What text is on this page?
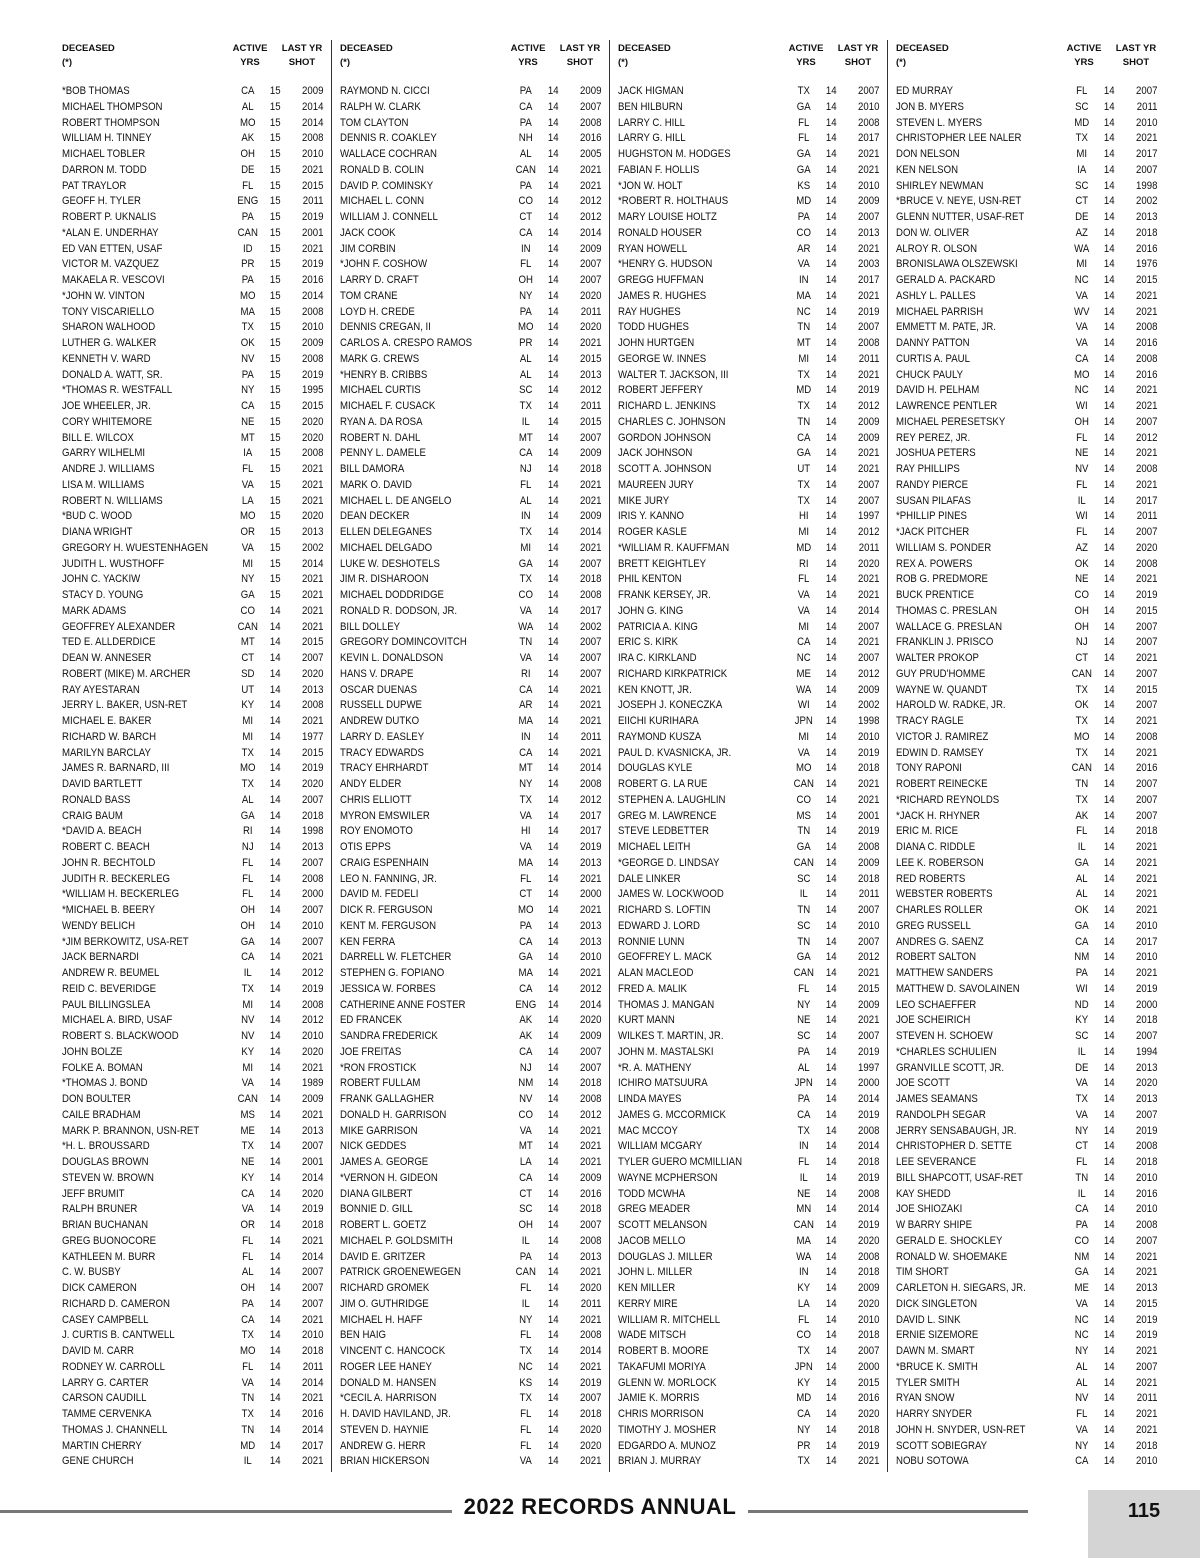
DECEASED
(*)
ACTIVE
YRS
LAST YR
SHOT
*BOB THOMAS	CA	15	2009
MICHAEL THOMPSON	AL	15	2014
ROBERT THOMPSON	MO	15	2014
WILLIAM H. TINNEY	AK	15	2008
MICHAEL TOBLER	OH	15	2010
DARRON M. TODD	DE	15	2021
PAT TRAYLOR	FL	15	2015
GEOFF H. TYLER	ENG	15	2011
ROBERT P. UKNALIS	PA	15	2019
*ALAN E. UNDERHAY	CAN	15	2001
ED VAN ETTEN, USAF	ID	15	2021
VICTOR M. VAZQUEZ	PR	15	2019
MAKAELA R. VESCOVI	PA	15	2016
*JOHN W. VINTON	MO	15	2014
TONY VISCARIELLO	MA	15	2008
SHARON WALHOOD	TX	15	2010
LUTHER G. WALKER	OK	15	2009
KENNETH V. WARD	NV	15	2008
DONALD A. WATT, SR.	PA	15	2019
*THOMAS R. WESTFALL	NY	15	1995
JOE WHEELER, JR.	CA	15	2015
CORY WHITEMORE	NE	15	2020
BILL E. WILCOX	MT	15	2020
GARRY WILHELMI	IA	15	2008
ANDRE J. WILLIAMS	FL	15	2021
LISA M. WILLIAMS	VA	15	2021
ROBERT N. WILLIAMS	LA	15	2021
*BUD C. WOOD	MO	15	2020
DIANA WRIGHT	OR	15	2013
GREGORY H. WUESTENHAGEN	VA	15	2002
JUDITH L. WUSTHOFF	MI	15	2014
JOHN C. YACKIW	NY	15	2021
STACY D. YOUNG	GA	15	2021
MARK ADAMS	CO	14	2021
GEOFFREY ALEXANDER	CAN	14	2021
TED E. ALLDERDICE	MT	14	2015
DEAN W. ANNESER	CT	14	2007
ROBERT (MIKE) M. ARCHER	SD	14	2020
RAY AYESTARAN	UT	14	2013
JERRY L. BAKER, USN-RET	KY	14	2008
MICHAEL E. BAKER	MI	14	2021
RICHARD W. BARCH	MI	14	1977
MARILYN BARCLAY	TX	14	2015
JAMES R. BARNARD, III	MO	14	2019
DAVID BARTLETT	TX	14	2020
RONALD BASS	AL	14	2007
CRAIG BAUM	GA	14	2018
*DAVID A. BEACH	RI	14	1998
ROBERT C. BEACH	NJ	14	2013
JOHN R. BECHTOLD	FL	14	2007
JUDITH R. BECKERLEG	FL	14	2008
*WILLIAM H. BECKERLEG	FL	14	2000
*MICHAEL B. BEERY	OH	14	2007
WENDY BELICH	OH	14	2010
*JIM BERKOWITZ, USA-RET	GA	14	2007
JACK BERNARDI	CA	14	2021
ANDREW R. BEUMEL	IL	14	2012
REID C. BEVERIDGE	TX	14	2019
PAUL BILLINGSLEA	MI	14	2008
MICHAEL A. BIRD, USAF	NV	14	2012
ROBERT S. BLACKWOOD	NV	14	2010
JOHN BOLZE	KY	14	2020
FOLKE A. BOMAN	MI	14	2021
*THOMAS J. BOND	VA	14	1989
DON BOULTER	CAN	14	2009
CAILE BRADHAM	MS	14	2021
MARK P. BRANNON, USN-RET	ME	14	2013
*H. L. BROUSSARD	TX	14	2007
DOUGLAS BROWN	NE	14	2001
STEVEN W. BROWN	KY	14	2014
JEFF BRUMIT	CA	14	2020
RALPH BRUNER	VA	14	2019
BRIAN BUCHANAN	OR	14	2018
GREG BUONOCORE	FL	14	2021
KATHLEEN M. BURR	FL	14	2014
C. W. BUSBY	AL	14	2007
DICK CAMERON	OH	14	2007
RICHARD D. CAMERON	PA	14	2007
CASEY CAMPBELL	CA	14	2021
J. CURTIS B. CANTWELL	TX	14	2010
DAVID M. CARR	MO	14	2018
RODNEY W. CARROLL	FL	14	2011
LARRY G. CARTER	VA	14	2014
CARSON CAUDILL	TN	14	2021
TAMME CERVENKA	TX	14	2016
THOMAS J. CHANNELL	TN	14	2014
MARTIN CHERRY	MD	14	2017
GENE CHURCH	IL	14	2021
DECEASED
(*)
ACTIVE
YRS
LAST YR
SHOT
RAYMOND N. CICCI	PA	14	2009
RALPH W. CLARK	CA	14	2007
TOM CLAYTON	PA	14	2008
DENNIS R. COAKLEY	NH	14	2016
WALLACE COCHRAN	AL	14	2005
RONALD B. COLIN	CAN	14	2021
DAVID P. COMINSKY	PA	14	2021
MICHAEL L. CONN	CO	14	2012
WILLIAM J. CONNELL	CT	14	2012
JACK COOK	CA	14	2014
JIM CORBIN	IN	14	2009
*JOHN F. COSHOW	FL	14	2007
LARRY D. CRAFT	OH	14	2007
TOM CRANE	NY	14	2020
LOYD H. CREDE	PA	14	2011
DENNIS CREGAN, II	MO	14	2020
CARLOS A. CRESPO RAMOS	PR	14	2021
MARK G. CREWS	AL	14	2015
*HENRY B. CRIBBS	AL	14	2013
MICHAEL CURTIS	SC	14	2012
MICHAEL F. CUSACK	TX	14	2011
RYAN A. DA ROSA	IL	14	2015
ROBERT N. DAHL	MT	14	2007
PENNY L. DAMELE	CA	14	2009
BILL DAMORA	NJ	14	2018
MARK O. DAVID	FL	14	2021
MICHAEL L. DE ANGELO	AL	14	2021
DEAN DECKER	IN	14	2009
ELLEN DELEGANES	TX	14	2014
MICHAEL DELGADO	MI	14	2021
LUKE W. DESHOTELS	GA	14	2007
JIM R. DISHAROON	TX	14	2018
MICHAEL DODDRIDGE	CO	14	2008
RONALD R. DODSON, JR.	VA	14	2017
BILL DOLLEY	WA	14	2002
GREGORY DOMINCOVITCH	TN	14	2007
KEVIN L. DONALDSON	VA	14	2007
HANS V. DRAPE	RI	14	2007
OSCAR DUENAS	CA	14	2021
RUSSELL DUPWE	AR	14	2021
ANDREW DUTKO	MA	14	2021
LARRY D. EASLEY	IN	14	2011
TRACY EDWARDS	CA	14	2021
TRACY EHRHARDT	MT	14	2014
ANDY ELDER	NY	14	2008
CHRIS ELLIOTT	TX	14	2012
MYRON EMSWILER	VA	14	2017
ROY ENOMOTO	HI	14	2017
OTIS EPPS	VA	14	2019
CRAIG ESPENHAIN	MA	14	2013
LEO N. FANNING, JR.	FL	14	2021
DAVID M. FEDELI	CT	14	2000
DICK R. FERGUSON	MO	14	2021
KENT M. FERGUSON	PA	14	2013
KEN FERRA	CA	14	2013
DARRELL W. FLETCHER	GA	14	2010
STEPHEN G. FOPIANO	MA	14	2021
JESSICA W. FORBES	CA	14	2012
CATHERINE ANNE FOSTER	ENG	14	2014
ED FRANCEK	AK	14	2020
SANDRA FREDERICK	AK	14	2009
JOE FREITAS	CA	14	2007
*RON FROSTICK	NJ	14	2007
ROBERT FULLAM	NM	14	2018
FRANK GALLAGHER	NV	14	2008
DONALD H. GARRISON	CO	14	2012
MIKE GARRISON	VA	14	2021
NICK GEDDES	MT	14	2021
JAMES A. GEORGE	LA	14	2021
*VERNON H. GIDEON	CA	14	2009
DIANA GILBERT	CT	14	2016
BONNIE D. GILL	SC	14	2018
ROBERT L. GOETZ	OH	14	2007
MICHAEL P. GOLDSMITH	IL	14	2008
DAVID E. GRITZER	PA	14	2013
PATRICK GROENEWEGEN	CAN	14	2021
RICHARD GROMEK	FL	14	2020
JIM O. GUTHRIDGE	IL	14	2011
MICHAEL H. HAFF	NY	14	2021
BEN HAIG	FL	14	2008
VINCENT C. HANCOCK	TX	14	2014
ROGER LEE HANEY	NC	14	2021
DONALD M. HANSEN	KS	14	2019
*CECIL A. HARRISON	TX	14	2007
H. DAVID HAVILAND, JR.	FL	14	2018
STEVEN D. HAYNIE	FL	14	2020
ANDREW G. HERR	FL	14	2020
BRIAN HICKERSON	VA	14	2021
DECEASED
(*)
ACTIVE
YRS
LAST YR
SHOT
JACK HIGMAN	TX	14	2007
BEN HILBURN	GA	14	2010
LARRY C. HILL	FL	14	2008
LARRY G. HILL	FL	14	2017
HUGHSTON M. HODGES	GA	14	2021
FABIAN F. HOLLIS	GA	14	2021
*JON W. HOLT	KS	14	2010
*ROBERT R. HOLTHAUS	MD	14	2009
MARY LOUISE HOLTZ	PA	14	2007
RONALD HOUSER	CO	14	2013
RYAN HOWELL	AR	14	2021
*HENRY G. HUDSON	VA	14	2003
GREGG HUFFMAN	IN	14	2017
JAMES R. HUGHES	MA	14	2021
RAY HUGHES	NC	14	2019
TODD HUGHES	TN	14	2007
JOHN HURTGEN	MT	14	2008
GEORGE W. INNES	MI	14	2011
WALTER T. JACKSON, III	TX	14	2021
ROBERT JEFFERY	MD	14	2019
RICHARD L. JENKINS	TX	14	2012
CHARLES C. JOHNSON	TN	14	2009
GORDON JOHNSON	CA	14	2009
JACK JOHNSON	GA	14	2021
SCOTT A. JOHNSON	UT	14	2021
MAUREEN JURY	TX	14	2007
MIKE JURY	TX	14	2007
IRIS Y. KANNO	HI	14	1997
ROGER KASLE	MI	14	2012
*WILLIAM R. KAUFFMAN	MD	14	2011
BRETT KEIGHTLEY	RI	14	2020
PHIL KENTON	FL	14	2021
FRANK KERSEY, JR.	VA	14	2021
JOHN G. KING	VA	14	2014
PATRICIA A. KING	MI	14	2007
ERIC S. KIRK	CA	14	2021
IRA C. KIRKLAND	NC	14	2007
RICHARD KIRKPATRICK	ME	14	2012
KEN KNOTT, JR.	WA	14	2009
JOSEPH J. KONECZKA	WI	14	2002
EIICHI KURIHARA	JPN	14	1998
RAYMOND KUSZA	MI	14	2010
PAUL D. KVASNICKA, JR.	VA	14	2019
DOUGLAS KYLE	MO	14	2018
ROBERT G. LA RUE	CAN	14	2021
STEPHEN A. LAUGHLIN	CO	14	2021
GREG M. LAWRENCE	MS	14	2001
STEVE LEDBETTER	TN	14	2019
MICHAEL LEITH	GA	14	2008
*GEORGE D. LINDSAY	CAN	14	2009
DALE LINKER	SC	14	2018
JAMES W. LOCKWOOD	IL	14	2011
RICHARD S. LOFTIN	TN	14	2007
EDWARD J. LORD	SC	14	2010
RONNIE LUNN	TN	14	2007
GEOFFREY L. MACK	GA	14	2012
ALAN MACLEOD	CAN	14	2021
FRED A. MALIK	FL	14	2015
THOMAS J. MANGAN	NY	14	2009
KURT MANN	NE	14	2021
WILKES T. MARTIN, JR.	SC	14	2007
JOHN M. MASTALSKI	PA	14	2019
*R. A. MATHENY	AL	14	1997
ICHIRO MATSUURA	JPN	14	2000
LINDA MAYES	PA	14	2014
JAMES G. MCCORMICK	CA	14	2019
MAC MCCOY	TX	14	2008
WILLIAM MCGARY	IN	14	2014
TYLER GUERO MCMILLIAN	FL	14	2018
WAYNE MCPHERSON	IL	14	2019
TODD MCWHA	NE	14	2008
GREG MEADER	MN	14	2014
SCOTT MELANSON	CAN	14	2019
JACOB MELLO	MA	14	2020
DOUGLAS J. MILLER	WA	14	2008
JOHN L. MILLER	IN	14	2018
KEN MILLER	KY	14	2009
KERRY MIRE	LA	14	2020
WILLIAM R. MITCHELL	FL	14	2010
WADE MITSCH	CO	14	2018
ROBERT B. MOORE	TX	14	2007
TAKAFUMI MORIYA	JPN	14	2000
GLENN W. MORLOCK	KY	14	2015
JAMIE K. MORRIS	MD	14	2016
CHRIS MORRISON	CA	14	2020
TIMOTHY J. MOSHER	NY	14	2018
EDGARDO A. MUNOZ	PR	14	2019
BRIAN J. MURRAY	TX	14	2021
DECEASED
(*)
ACTIVE
YRS
LAST YR
SHOT
ED MURRAY	FL	14	2007
JON B. MYERS	SC	14	2011
STEVEN L. MYERS	MD	14	2010
CHRISTOPHER LEE NALER	TX	14	2021
DON NELSON	MI	14	2017
KEN NELSON	IA	14	2007
SHIRLEY NEWMAN	SC	14	1998
*BRUCE V. NEYE, USN-RET	CT	14	2002
GLENN NUTTER, USAF-RET	DE	14	2013
DON W. OLIVER	AZ	14	2018
ALROY R. OLSON	WA	14	2016
BRONISLAWA OLSZEWSKI	MI	14	1976
GERALD A. PACKARD	NC	14	2015
ASHLY L. PALLES	VA	14	2021
MICHAEL PARRISH	WV	14	2021
EMMETT M. PATE, JR.	VA	14	2008
DANNY PATTON	VA	14	2016
CURTIS A. PAUL	CA	14	2008
CHUCK PAULY	MO	14	2016
DAVID H. PELHAM	NC	14	2021
LAWRENCE PENTLER	WI	14	2021
MICHAEL PERESETSKY	OH	14	2007
REY PEREZ, JR.	FL	14	2012
JOSHUA PETERS	NE	14	2021
RAY PHILLIPS	NV	14	2008
RANDY PIERCE	FL	14	2021
SUSAN PILAFAS	IL	14	2017
*PHILLIP PINES	WI	14	2011
*JACK PITCHER	FL	14	2007
WILLIAM S. PONDER	AZ	14	2020
REX A. POWERS	OK	14	2008
ROB G. PREDMORE	NE	14	2021
BUCK PRENTICE	CO	14	2019
THOMAS C. PRESLAN	OH	14	2015
WALLACE G. PRESLAN	OH	14	2007
FRANKLIN J. PRISCO	NJ	14	2007
WALTER PROKOP	CT	14	2021
GUY PRUD'HOMME	CAN	14	2007
WAYNE W. QUANDT	TX	14	2015
HAROLD W. RADKE, JR.	OK	14	2007
TRACY RAGLE	TX	14	2021
VICTOR J. RAMIREZ	MO	14	2008
EDWIN D. RAMSEY	TX	14	2021
TONY RAPONI	CAN	14	2016
ROBERT REINECKE	TN	14	2007
*RICHARD REYNOLDS	TX	14	2007
*JACK H. RHYNER	AK	14	2007
ERIC M. RICE	FL	14	2018
DIANA C. RIDDLE	IL	14	2021
LEE K. ROBERSON	GA	14	2021
RED ROBERTS	AL	14	2021
WEBSTER ROBERTS	AL	14	2021
CHARLES ROLLER	OK	14	2021
GREG RUSSELL	GA	14	2010
ANDRES G. SAENZ	CA	14	2017
ROBERT SALTON	NM	14	2010
MATTHEW SANDERS	PA	14	2021
MATTHEW D. SAVOLAINEN	WI	14	2019
LEO SCHAEFFER	ND	14	2000
JOE SCHEIRICH	KY	14	2018
STEVEN H. SCHOEW	SC	14	2007
*CHARLES SCHULIEN	IL	14	1994
GRANVILLE SCOTT, JR.	DE	14	2013
JOE SCOTT	VA	14	2020
JAMES SEAMANS	TX	14	2013
RANDOLPH SEGAR	VA	14	2007
JERRY SENSABAUGH, JR.	NY	14	2019
CHRISTOPHER D. SETTE	CT	14	2008
LEE SEVERANCE	FL	14	2018
BILL SHAPCOTT, USAF-RET	TN	14	2010
KAY SHEDD	IL	14	2016
JOE SHIOZAKI	CA	14	2010
W BARRY SHIPE	PA	14	2008
GERALD E. SHOCKLEY	CO	14	2007
RONALD W. SHOEMAKE	NM	14	2021
TIM SHORT	GA	14	2021
CARLETON H. SIEGARS, JR.	ME	14	2013
DICK SINGLETON	VA	14	2015
DAVID L. SINK	NC	14	2019
ERNIE SIZEMORE	NC	14	2019
DAWN M. SMART	NY	14	2021
*BRUCE K. SMITH	AL	14	2007
TYLER SMITH	AL	14	2021
RYAN SNOW	NV	14	2011
HARRY SNYDER	FL	14	2021
JOHN H. SNYDER, USN-RET	VA	14	2021
SCOTT SOBIEGRAY	NY	14	2018
NOBU SOTOWA	CA	14	2010
2022 RECORDS ANNUAL	115
